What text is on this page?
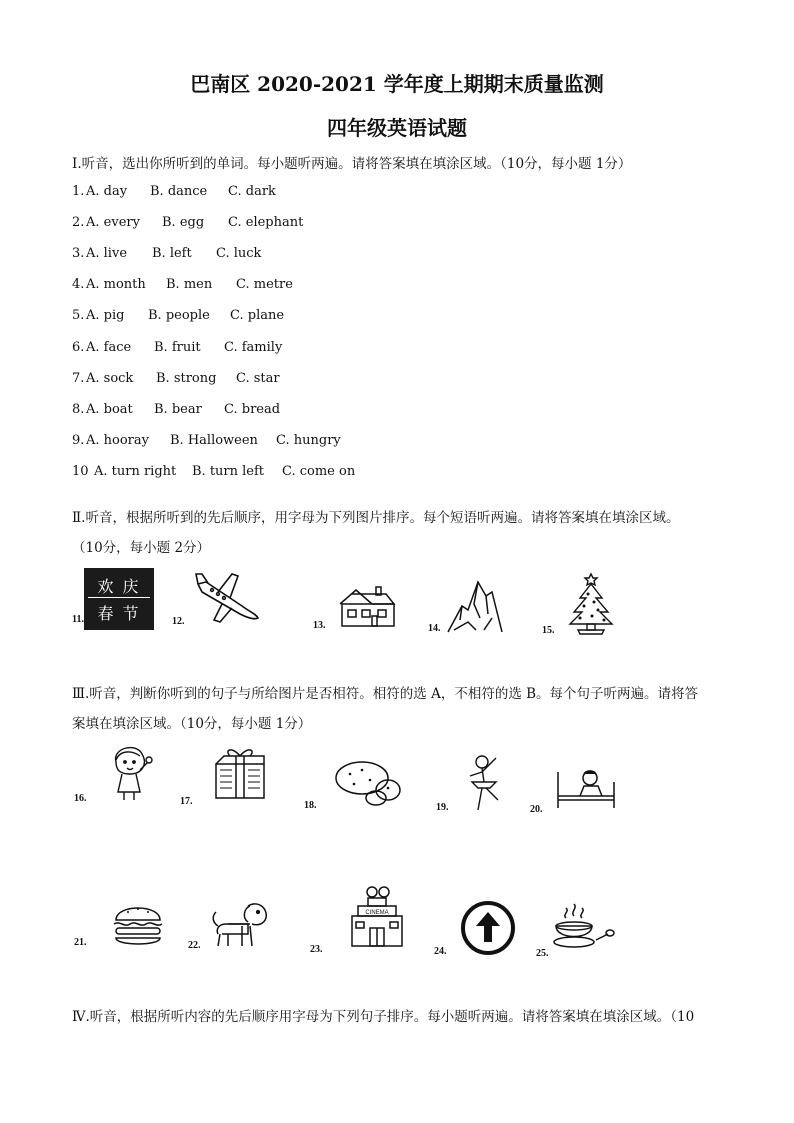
巴南区 2020-2021 学年度上期期末质量监测
四年级英语试题
Ⅰ.听音，选出你所听到的单词。每小题听两遍。请将答案填在填涂区域。（10分，每小题 1分）
1. A. day B. dance C. dark
2. A. every B. egg C. elephant
3. A. live B. left C. luck
4. A. month B. men C. metre
5. A. pig B. people C. plane
6. A. face B. fruit C. family
7. A. sock B. strong C. star
8. A. boat B. bear C. bread
9. A. hooray B. Halloween C. hungry
10 A. turn right B. turn left C. come on
Ⅱ.听音，根据所听到的先后顺序，用字母为下列图片排序。每个短语听两遍。请将答案填在填涂区域。
（10分，每小题 2分）
11.
欢 庆
春 节	12.	13.	14.	15.
Ⅲ.听音，判断你听到的句子与所给图片是否相符。相符的选 A，不相符的选 B。每个句子听两遍。请将答
案填在填涂区域。（10分，每小题 1分）
16.	17.	18.	19.	20.
21.	22.	23.
CINEMA
24.	25.
Ⅳ.听音，根据所听内容的先后顺序用字母为下列句子排序。每小题听两遍。请将答案填在填涂区域。（10
